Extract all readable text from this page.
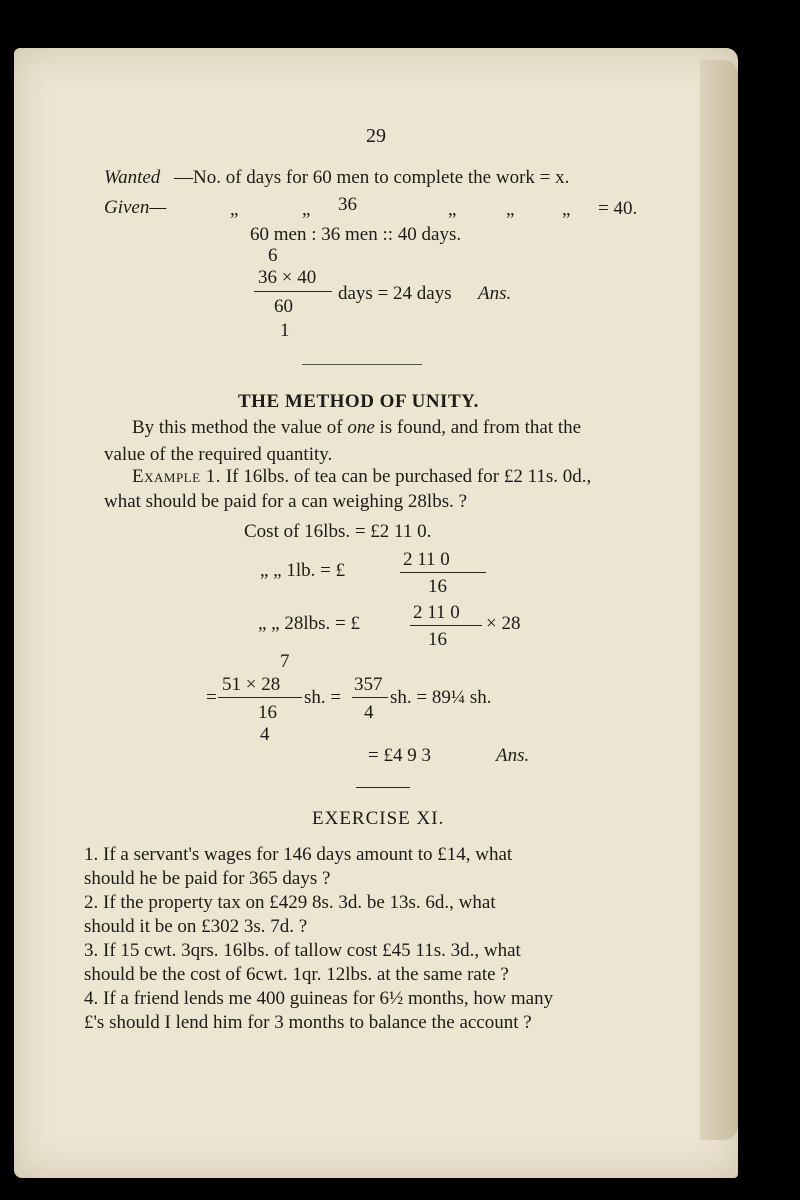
29
Wanted —No. of days for 60 men to complete the work = x.
Given—	„	„ 36	„	„	„ = 40.
60 men : 36 men :: 40 days.
6
36 × 40
60
1
days = 24 days Ans.
THE METHOD OF UNITY.
By this method the value of one is found, and from that the
value of the required quantity.
Example 1. If 16lbs. of tea can be purchased for £2 11s. 0d.,
what should be paid for a can weighing 28lbs. ?
Cost of 16lbs. = £2 11 0.
„ „ 1lb. = £
2 11 0
16
„ „ 28lbs. = £
2 11 0
16
× 28
7
=
51 × 28
16
4
sh. =
357
4
sh. = 89¼ sh.
= £4 9 3	Ans.
EXERCISE XI.
1. If a servant's wages for 146 days amount to £14, what
should he be paid for 365 days ?
2. If the property tax on £429 8s. 3d. be 13s. 6d., what
should it be on £302 3s. 7d. ?
3. If 15 cwt. 3qrs. 16lbs. of tallow cost £45 11s. 3d., what
should be the cost of 6cwt. 1qr. 12lbs. at the same rate ?
4. If a friend lends me 400 guineas for 6½ months, how many
£'s should I lend him for 3 months to balance the account ?
